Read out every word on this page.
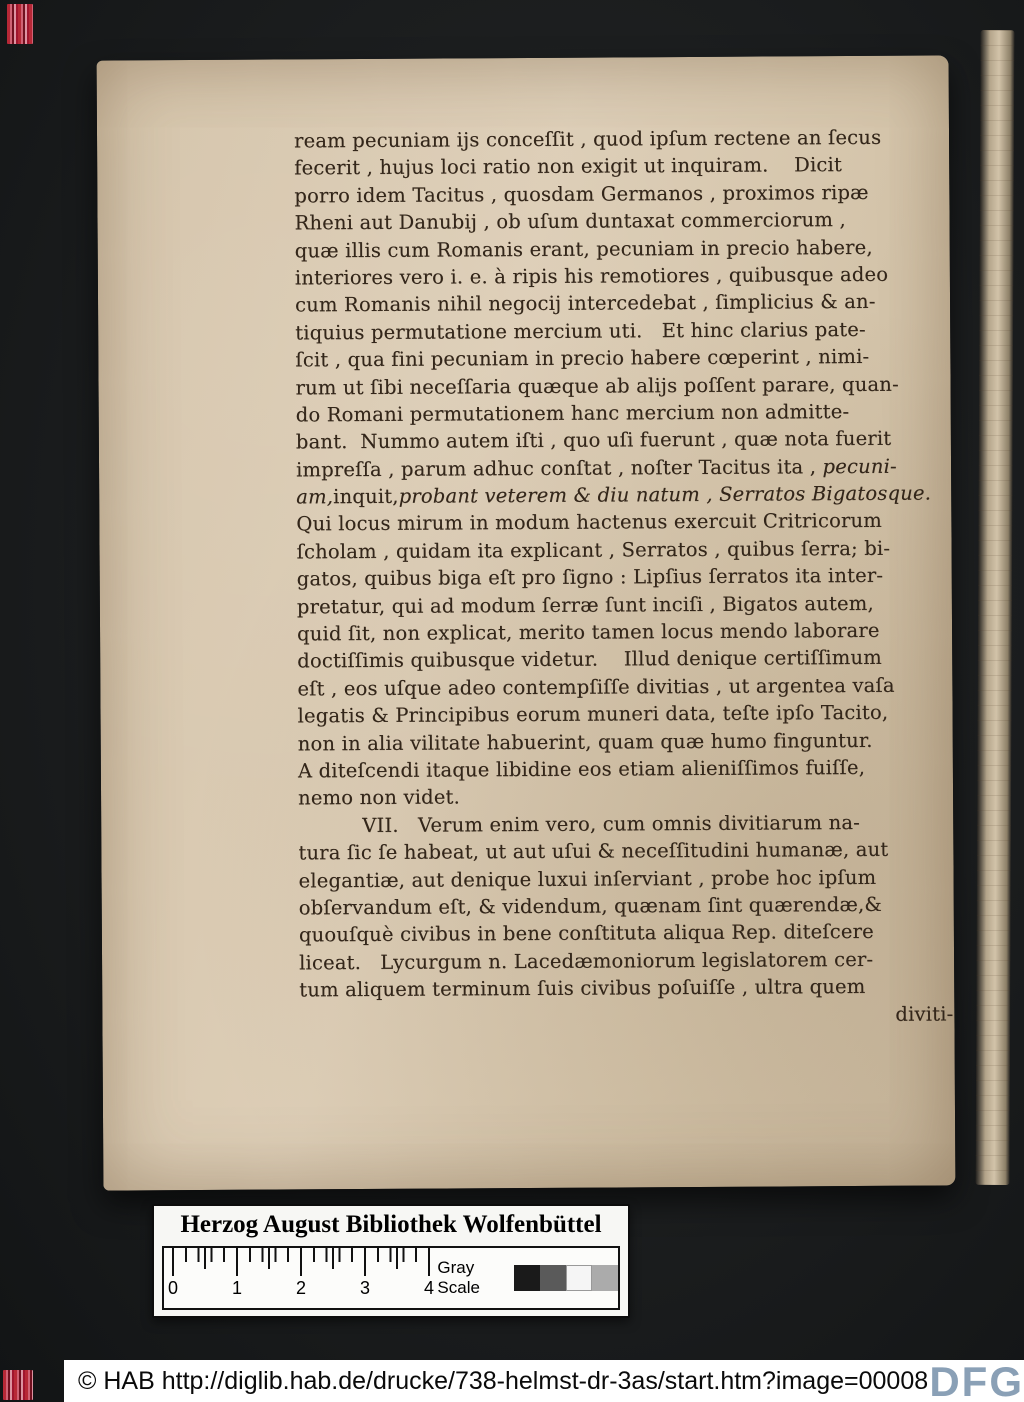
ream pecuniam ijs conceſſit , quod ipſum rectene an ſecus
fecerit , hujus loci ratio non exigit ut inquiram.    Dicit
porro idem Tacitus , quosdam Germanos , proximos ripæ
Rheni aut Danubij , ob uſum duntaxat commerciorum ,
quæ illis cum Romanis erant, pecuniam in precio habere,
interiores vero i. e. à ripis his remotiores , quibusque adeo
cum Romanis nihil negocij intercedebat , ſimplicius & an-
tiquius permutatione mercium uti.   Et hinc clarius pate-
ſcit , qua fini pecuniam in precio habere cœperint , nimi-
rum ut ſibi neceſſaria quæque ab alijs poſſent parare, quan-
do Romani permutationem hanc mercium non admitte-
bant.  Nummo autem iſti , quo uſi fuerunt , quæ nota fuerit
impreſſa , parum adhuc conſtat , noſter Tacitus ita , pecuni-
am,inquit,probant veterem & diu natum , Serratos Bigatosque.
Qui locus mirum in modum hactenus exercuit Critricorum
ſcholam , quidam ita explicant , Serratos , quibus ſerra; bi-
gatos, quibus biga eſt pro ſigno : Lipſius ſerratos ita inter-
pretatur, qui ad modum ſerræ ſunt inciſi , Bigatos autem,
quid ſit, non explicat, merito tamen locus mendo laborare
doctiſſimis quibusque videtur.    Illud denique certiſſimum
eſt , eos uſque adeo contempſiſſe divitias , ut argentea vaſa
legatis & Principibus eorum muneri data, teſte ipſo Tacito,
non in alia vilitate habuerint, quam quæ humo finguntur.
A diteſcendi itaque libidine eos etiam alieniſſimos fuiſſe,
nemo non videt.
VII.   Verum enim vero, cum omnis divitiarum na-
tura ſic ſe habeat, ut aut uſui & neceſſitudini humanæ, aut
elegantiæ, aut denique luxui inſerviant , probe hoc ipſum
obſervandum eſt, & videndum, quænam ſint quærendæ,&
quouſquè civibus in bene conſtituta aliqua Rep. diteſcere
liceat.   Lycurgum n. Lacedæmoniorum legislatorem cer-
tum aliquem terminum ſuis civibus poſuiſſe , ultra quem
diviti-
Herzog August Bibliothek Wolfenbüttel
0	1	2	3	4
Gray Scale
© HAB http://diglib.hab.de/drucke/738-helmst-dr-3as/start.htm?image=00008 DFG
